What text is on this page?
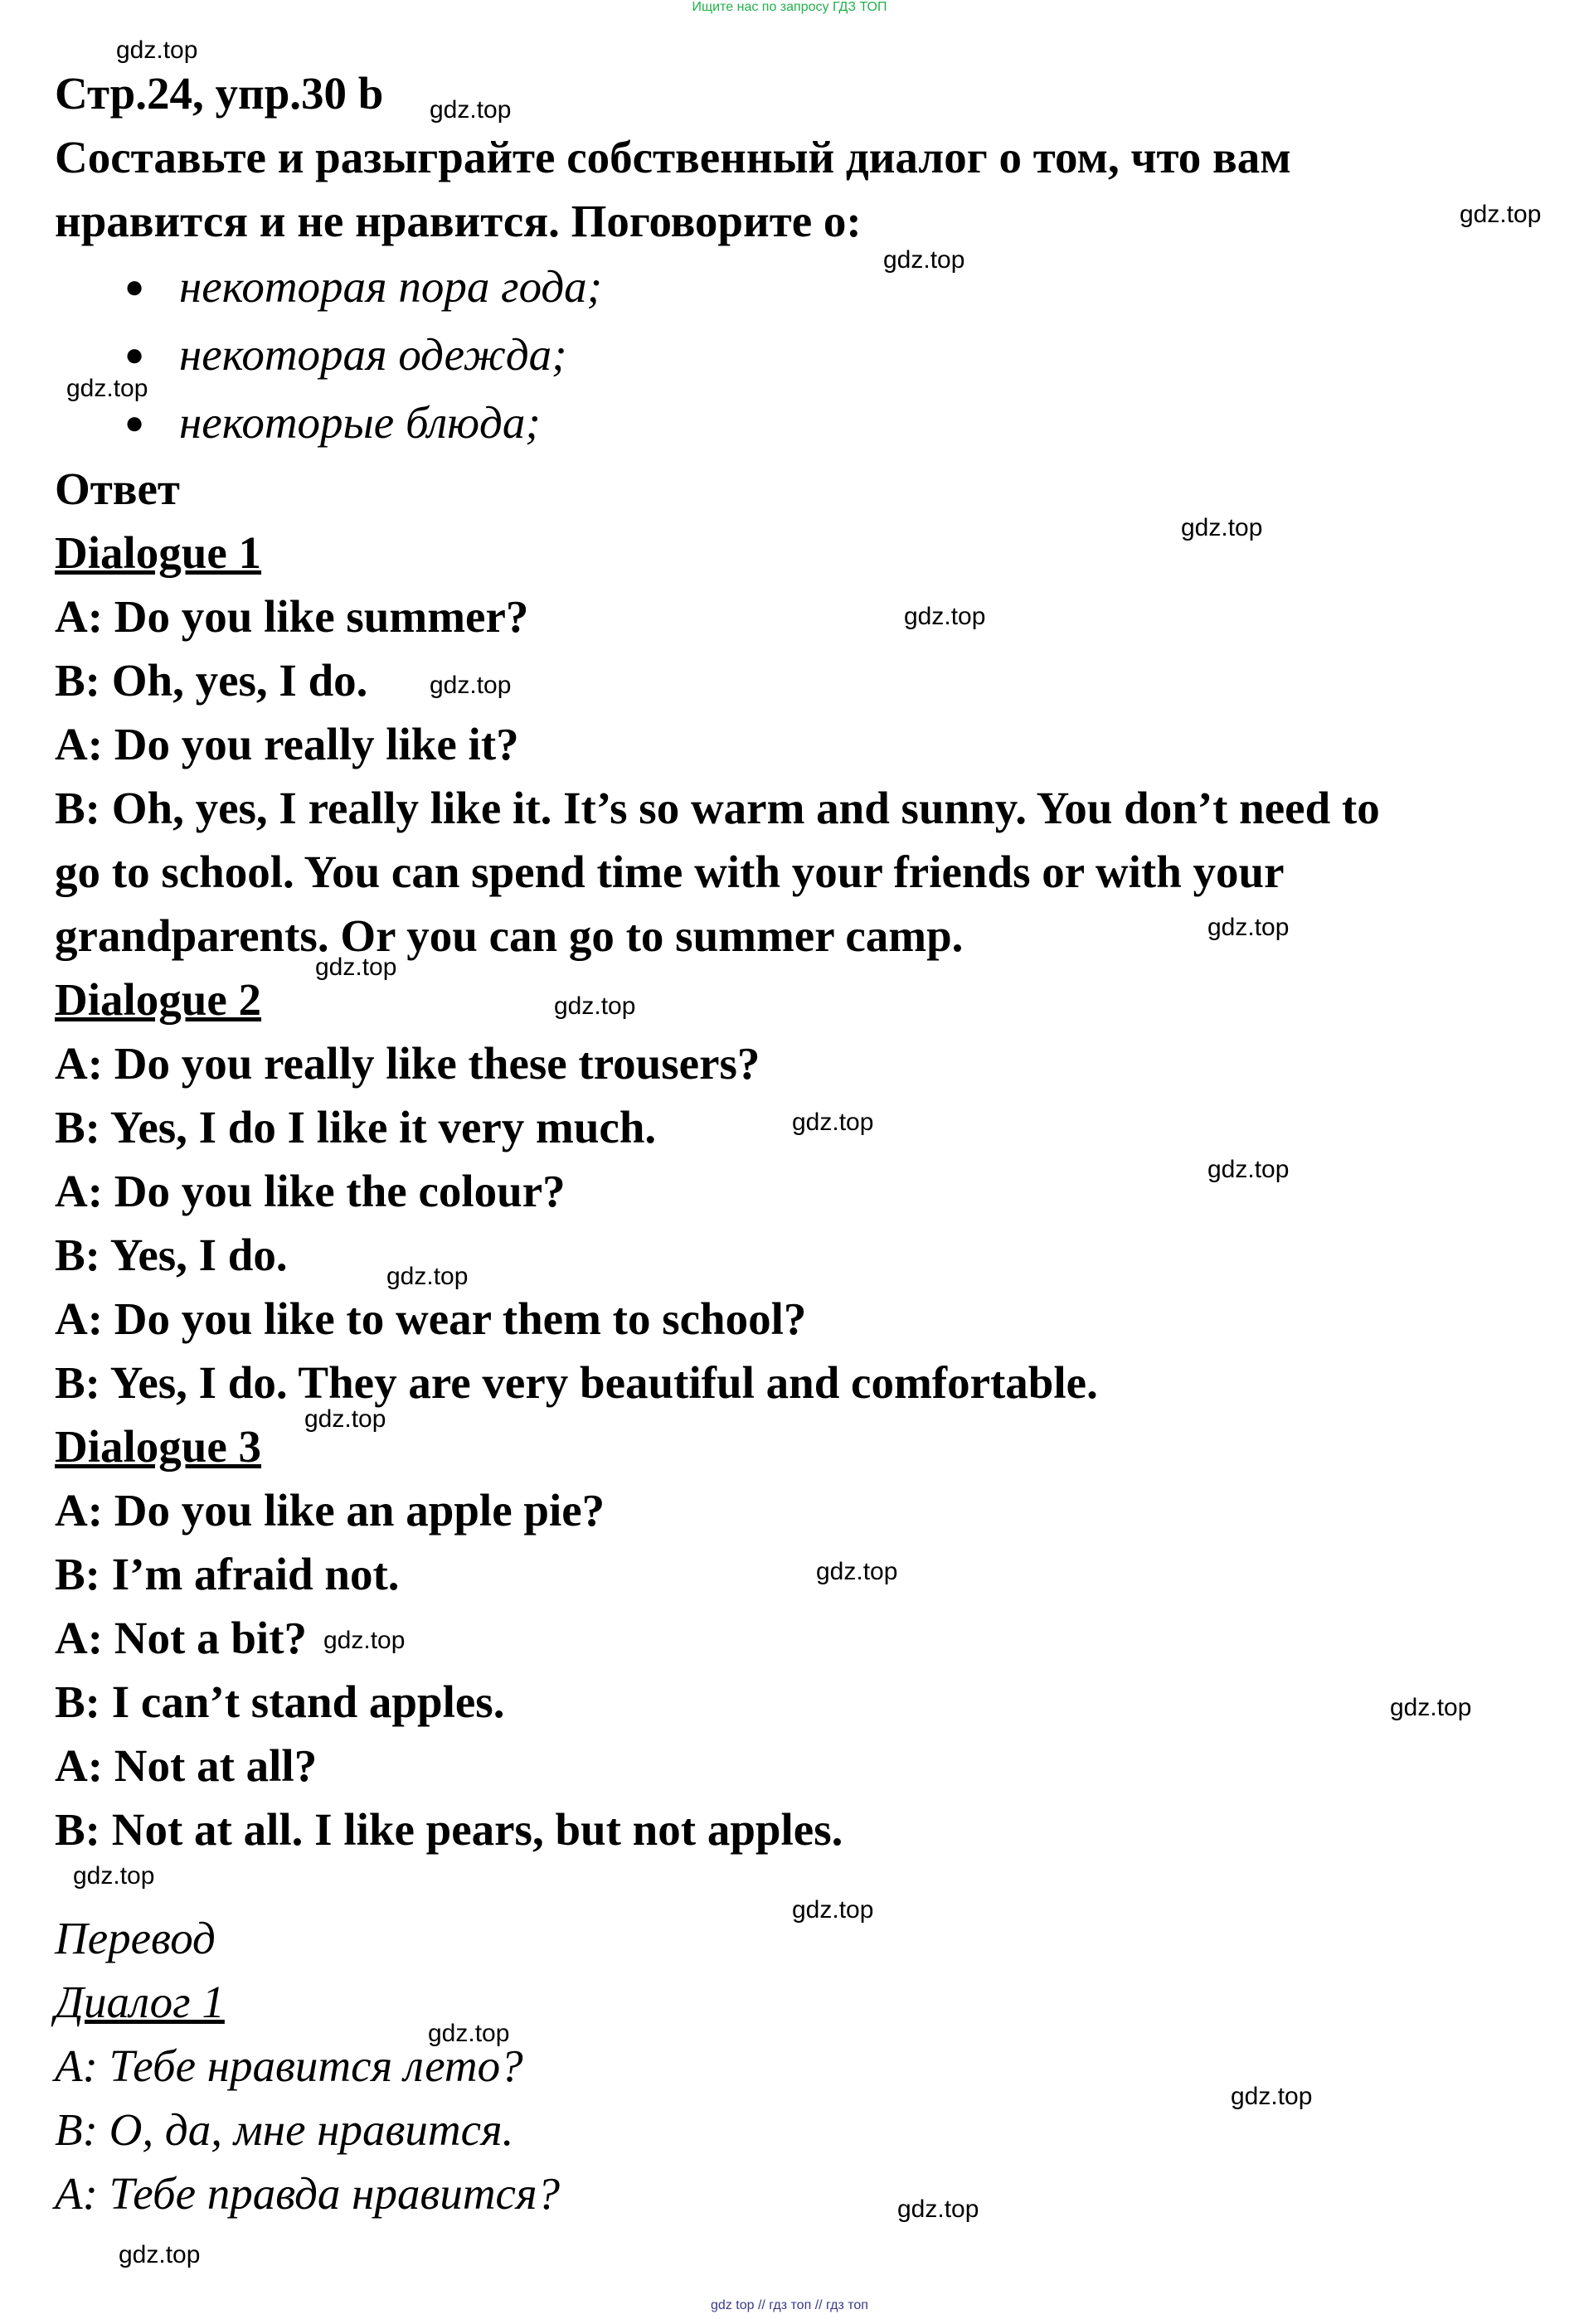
Ищите нас по запросу ГДЗ ТОП

Стр.24, упр.30 b

Составьте и разыграйте собственный диалог о том, что вам

нравится и не нравится. Поговорите о:

● некоторая пора года;
● некоторая одежда;
● некоторые блюда;

Ответ

Dialogue 1

A: Do you like summer?

B: Oh, yes, I do.

A: Do you really like it?

B: Oh, yes, I really like it. It’s so warm and sunny. You don’t need to

go to school. You can spend time with your friends or with your

grandparents. Or you can go to summer camp.

Dialogue 2

A: Do you really like these trousers?

B: Yes, I do I like it very much.

A: Do you like the colour?

B: Yes, I do.

A: Do you like to wear them to school?

B: Yes, I do. They are very beautiful and comfortable.

Dialogue 3

A: Do you like an apple pie?

B: I’m afraid not.

A: Not a bit?

B: I can’t stand apples.

A: Not at all?

B: Not at all. I like pears, but not apples.

Перевод

Диалог 1

А: Тебе нравится лето?

В: О, да, мне нравится.

А: Тебе правда нравится?

gdz.top
gdz.top
gdz.top
gdz.top
gdz.top
gdz.top
gdz.top
gdz.top
gdz.top
gdz.top
gdz.top
gdz.top
gdz.top
gdz.top
gdz.top
gdz.top
gdz.top
gdz.top
gdz.top
gdz.top
gdz.top
gdz.top
gdz.top
gdz.top
gdz top // гдз топ // гдз топ
